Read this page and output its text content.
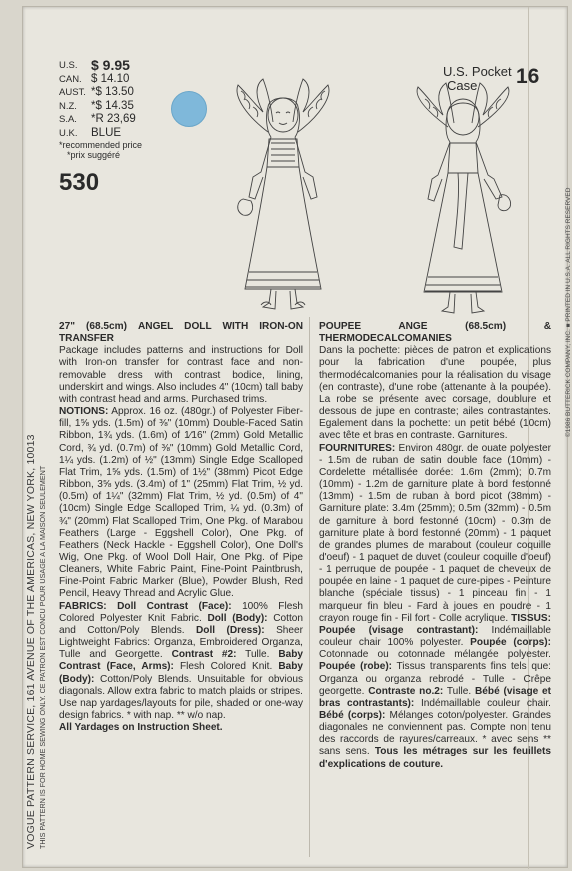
VOGUE PATTERN SERVICE, 161 AVENUE OF THE AMERICAS, NEW YORK, 10013 THIS PATTERN IS FOR HOME SEWING ONLY. CE PATRON EST CONCU POUR USAGE A LA MAISON SEULEMENT
©1986 BUTTERICK COMPANY, INC. ■ PRINTED IN U.S.A. ALL RIGHTS RESERVED
U.S. $ 9.95
CAN. $ 14.10
AUST. *$ 13.50
N.Z.	*$ 14.35
S.A.	*R 23,69
U.K.	BLUE
*recommended price
*prix suggéré
530
U.S. Pocket
Case	16

27" (68.5cm) ANGEL DOLL WITH IRON-ON TRANSFER

Package includes patterns and instructions for Doll with Iron-on transfer for contrast face and non-removable dress with contrast bodice, lining, underskirt and wings. Also includes 4" (10cm) tall baby with contrast head and arms. Purchased trims.

NOTIONS: Approx. 16 oz. (480gr.) of Polyester Fiber-fill, 1⅝ yds. (1.5m) of ⅜" (10mm) Double-Faced Satin Ribbon, 1¾ yds. (1.6m) of 1⁄16" (2mm) Gold Metallic Cord, ¾ yd. (0.7m) of ⅜" (10mm) Gold Metallic Cord, 1¼ yds. (1.2m) of ½" (13mm) Single Edge Scalloped Flat Trim, 1⅝ yds. (1.5m) of 1½" (38mm) Picot Edge Ribbon, 3⅝ yds. (3.4m) of 1" (25mm) Flat Trim, ½ yd. (0.5m) of 1¼" (32mm) Flat Trim, ½ yd. (0.5m) of 4" (10cm) Single Edge Scalloped Trim, ¼ yd. (0.3m) of ¾" (20mm) Flat Scalloped Trim, One Pkg. of Marabou Feathers (Large - Eggshell Color), One Pkg. of Feathers (Neck Hackle - Eggshell Color), One Doll's Wig, One Pkg. of Wool Doll Hair, One Pkg. of Pipe Cleaners, White Fabric Paint, Fine-Point Paintbrush, Fine-Point Fabric Marker (Blue), Powder Blush, Red Pencil, Heavy Thread and Acrylic Glue.

FABRICS: Doll Contrast (Face): 100% Flesh Colored Polyester Knit Fabric. Doll (Body): Cotton and Cotton/Poly Blends. Doll (Dress): Sheer Lightweight Fabrics: Organza, Embroidered Organza, Tulle and Georgette. Contrast #2: Tulle. Baby Contrast (Face, Arms): Flesh Colored Knit. Baby (Body): Cotton/Poly Blends. Unsuitable for obvious diagonals. Allow extra fabric to match plaids or stripes. Use nap yardages/layouts for pile, shaded or one-way design fabrics. * with nap. ** w/o nap.

All Yardages on Instruction Sheet.

POUPEE ANGE (68.5cm) & THERMODECALCOMANIES

Dans la pochette: pièces de patron et explications pour la fabrication d'une poupée, plus thermodécalcomanies pour la réalisation du visage (en contraste), d'une robe (attenante à la poupée). La robe se présente avec corsage, doublure et dessous de jupe en contraste; ailes contrastantes. Egalement dans la pochette: un petit bébé (10cm) avec tête et bras en contraste. Garnitures.

FOURNITURES: Environ 480gr. de ouate polyester - 1.5m de ruban de satin double face (10mm) - Cordelette métallisée dorée: 1.6m (2mm); 0.7m (10mm) - 1.2m de garniture plate à bord festonné (13mm) - 1.5m de ruban à bord picot (38mm) - Garniture plate: 3.4m (25mm); 0.5m (32mm) - 0.5m de garniture à bord festonné (10cm) - 0.3m de garniture plate à bord festonné (20mm) - 1 paquet de grandes plumes de marabout (couleur coquille d'oeuf) - 1 paquet de duvet (couleur coquille d'oeuf) - 1 perruque de poupée - 1 paquet de cheveux de poupée en laine - 1 paquet de cure-pipes - Peinture blanche (spéciale tissus) - 1 pinceau fin - 1 marqueur fin bleu - Fard à joues en poudre - 1 crayon rouge fin - Fil fort - Colle acrylique. TISSUS: Poupée (visage contrastant): Indémaillable couleur chair 100% polyester. Poupée (corps): Cotonnade ou cotonnade mélangée polyester. Poupée (robe): Tissus transparents fins tels que: Organza ou organza rebrodé - Tulle - Crêpe georgette. Contraste no.2: Tulle. Bébé (visage et bras contrastants): Indémaillable couleur chair. Bébé (corps): Mélanges coton/polyester. Grandes diagonales ne conviennent pas. Compte non tenu des raccords de rayures/carreaux. * avec sens ** sans sens. Tous les métrages sur les feuillets d'explications de couture.
